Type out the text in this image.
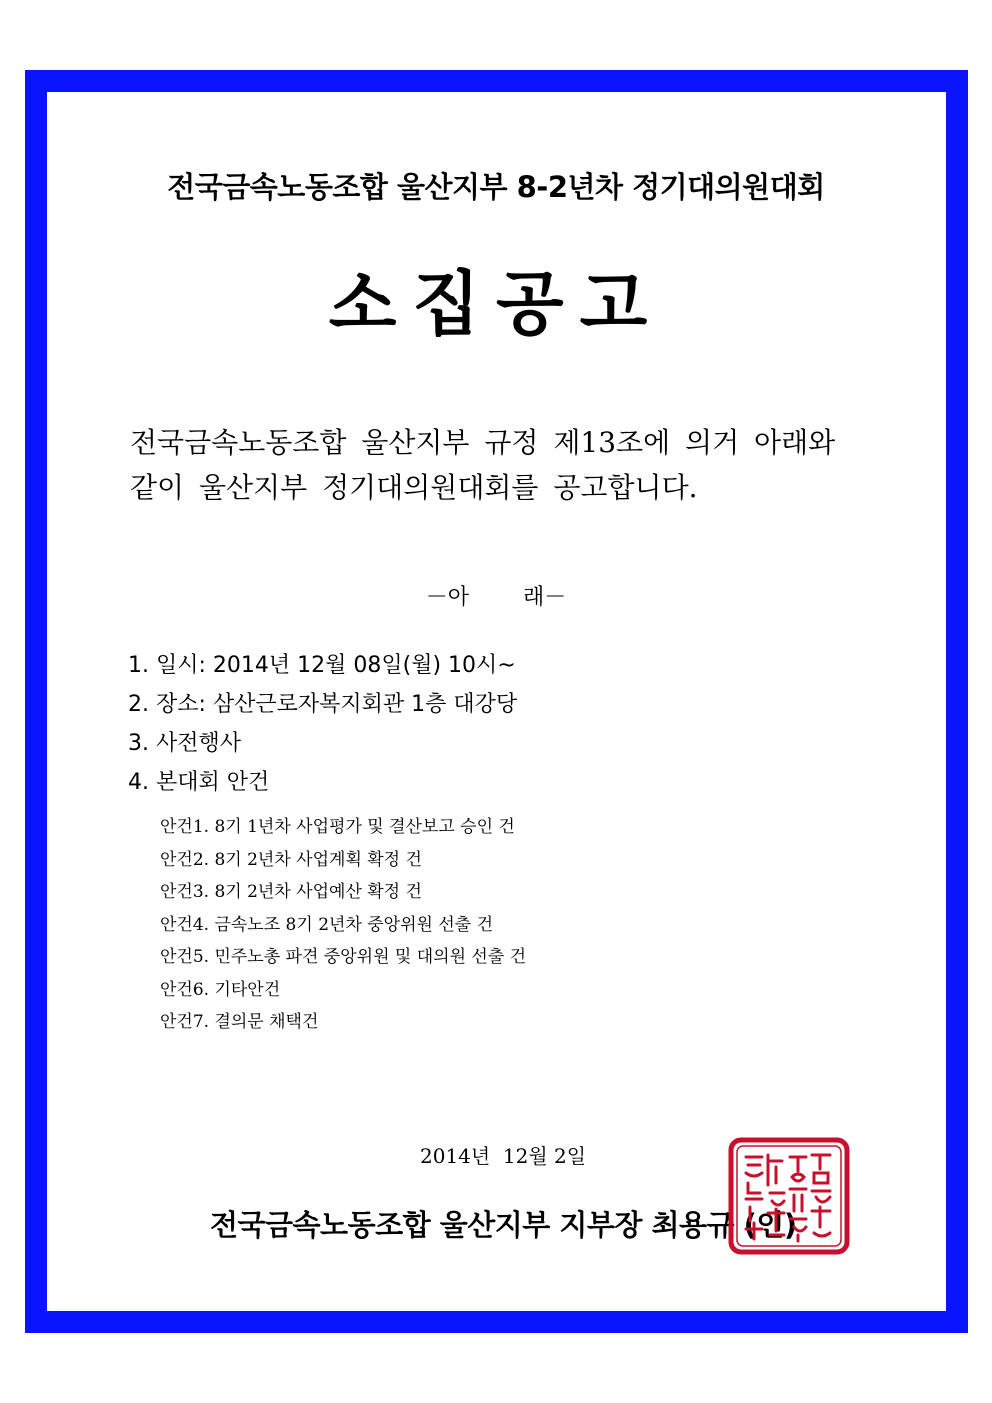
전국금속노동조합 울산지부 8-2년차 정기대의원대회
소집공고
전국금속노동조합 울산지부 규정 제13조에 의거 아래와
같이 울산지부 정기대의원대회를 공고합니다.
－아      래－
1. 일시: 2014년 12월 08일(월) 10시~
2. 장소: 삼산근로자복지회관 1층 대강당
3. 사전행사
4. 본대회 안건
안건1. 8기 1년차 사업평가 및 결산보고 승인 건
안건2. 8기 2년차 사업계획 확정 건
안건3. 8기 2년차 사업예산 확정 건
안건4. 금속노조 8기 2년차 중앙위원 선출 건
안건5. 민주노총 파견 중앙위원 및 대의원 선출 건
안건6. 기타안건
안건7. 결의문 채택건
2014년  12월 2일
전국금속노동조합 울산지부 지부장 최용규 (인)
